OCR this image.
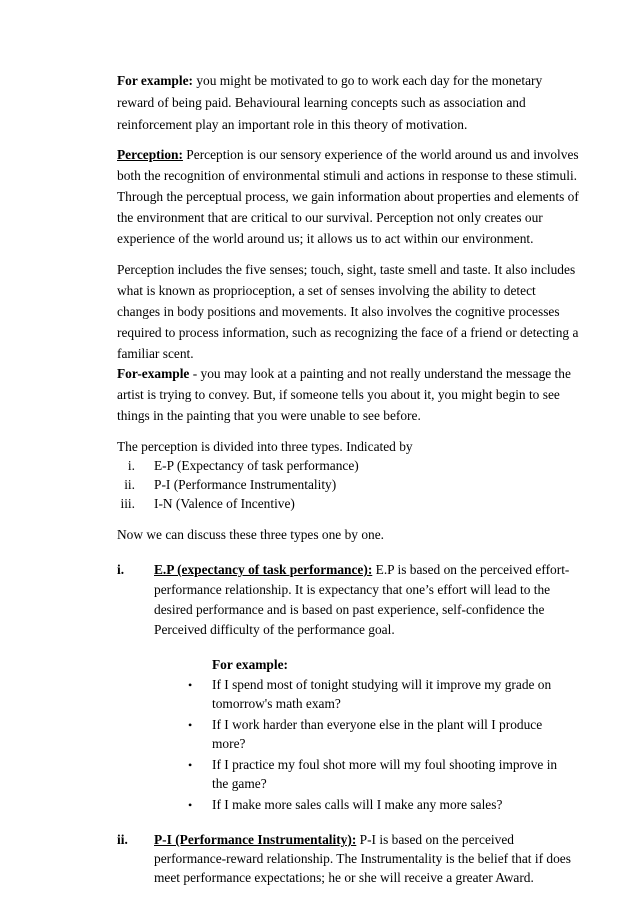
For example: you might be motivated to go to work each day for the monetary
reward of being paid. Behavioural learning concepts such as association and
reinforcement play an important role in this theory of motivation.
Perception: Perception is our sensory experience of the world around us and involves
both the recognition of environmental stimuli and actions in response to these stimuli.
Through the perceptual process, we gain information about properties and elements of
the environment that are critical to our survival. Perception not only creates our
experience of the world around us; it allows us to act within our environment.
Perception includes the five senses; touch, sight, taste smell and taste. It also includes
what is known as proprioception, a set of senses involving the ability to detect
changes in body positions and movements. It also involves the cognitive processes
required to process information, such as recognizing the face of a friend or detecting a
familiar scent.
For-example - you may look at a painting and not really understand the message the
artist is trying to convey. But, if someone tells you about it, you might begin to see
things in the painting that you were unable to see before.
The perception is divided into three types. Indicated by
i. E-P (Expectancy of task performance)
ii. P-I (Performance Instrumentality)
iii. I-N (Valence of Incentive)
Now we can discuss these three types one by one.
i. E.P (expectancy of task performance): E.P is based on the perceived effort-
performance relationship. It is expectancy that one’s effort will lead to the
desired performance and is based on past experience, self-confidence the
Perceived difficulty of the performance goal.
For example:
• If I spend most of tonight studying will it improve my grade on
tomorrow's math exam?
• If I work harder than everyone else in the plant will I produce
more?
• If I practice my foul shot more will my foul shooting improve in
the game?
• If I make more sales calls will I make any more sales?
ii. P-I (Performance Instrumentality): P-I is based on the perceived
performance-reward relationship. The Instrumentality is the belief that if does
meet performance expectations; he or she will receive a greater Award.
